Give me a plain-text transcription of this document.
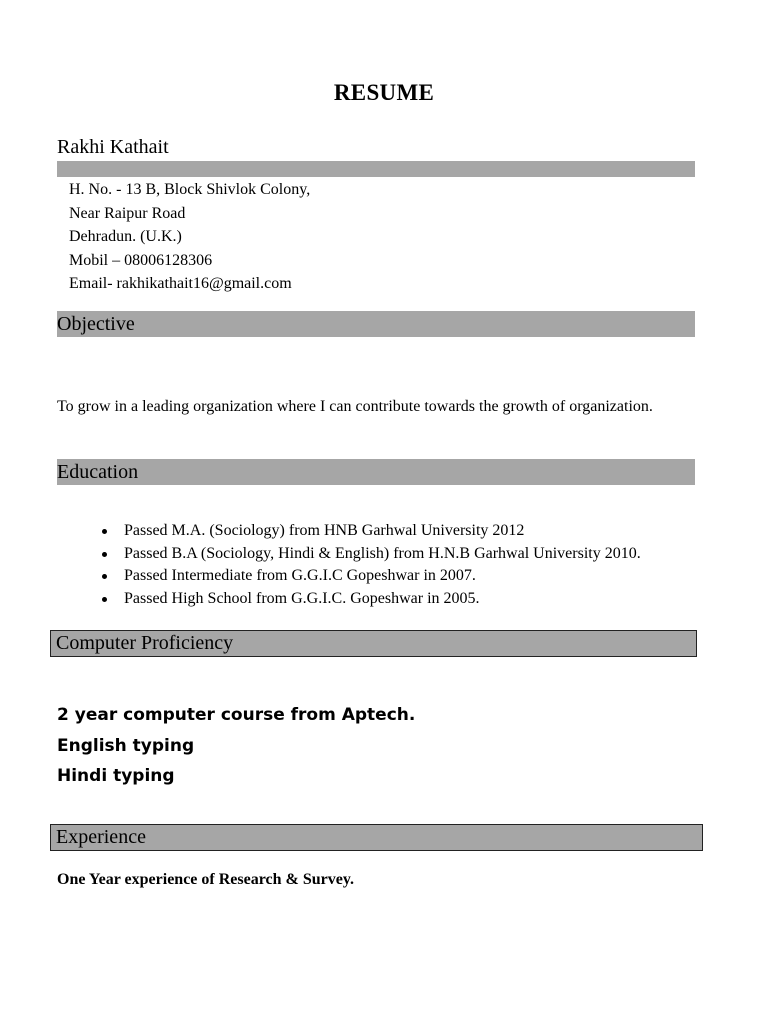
RESUME
Rakhi Kathait
H. No. - 13 B, Block Shivlok Colony,
Near Raipur Road
Dehradun. (U.K.)
Mobil – 08006128306
Email- rakhikathait16@gmail.com
Objective
To grow in a leading organization where I can contribute towards the growth of organization.
Education
Passed M.A. (Sociology) from HNB Garhwal University 2012
Passed B.A (Sociology, Hindi & English) from H.N.B Garhwal University 2010.
Passed Intermediate from G.G.I.C Gopeshwar in 2007.
Passed High School from G.G.I.C. Gopeshwar in 2005.
Computer Proficiency
2 year computer course from Aptech.
English typing
Hindi typing
Experience
One Year experience of Research & Survey.
